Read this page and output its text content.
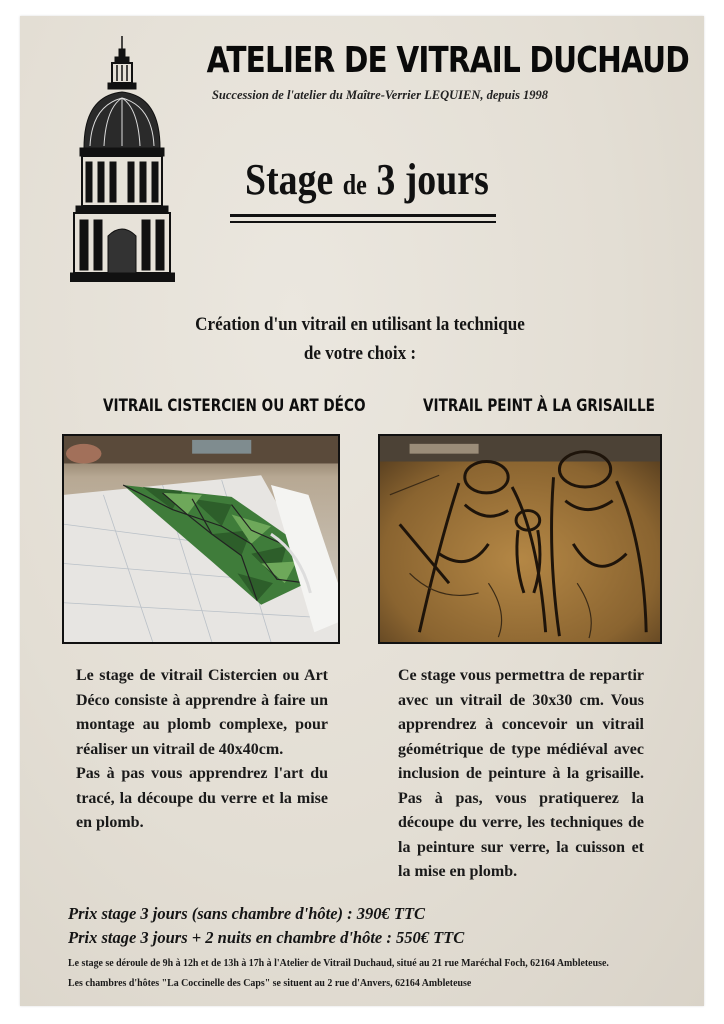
ATELIER DE VITRAIL DUCHAUD
Succession de l'atelier du Maître-Verrier LEQUIEN, depuis 1998
Stage de 3 jours
Création d'un vitrail en utilisant la technique
de votre choix :
VITRAIL CISTERCIEN OU ART DÉCO	VITRAIL PEINT À LA GRISAILLE

Le stage de vitrail Cistercien ou Art Déco consiste à apprendre à faire un montage au plomb complexe, pour réaliser un vitrail de 40x40cm.

Pas à pas vous apprendrez l'art du tracé, la découpe du verre et la mise en plomb.

Ce stage vous permettra de repartir avec un vitrail de 30x30 cm. Vous apprendrez à concevoir un vitrail géométrique de type médiéval avec inclusion de peinture à la grisaille. Pas à pas, vous pratiquerez la découpe du verre, les techniques de la peinture sur verre, la cuisson et la mise en plomb.

Prix stage 3 jours (sans chambre d'hôte) : 390€ TTC
Prix stage 3 jours + 2 nuits en chambre d'hôte : 550€ TTC
Le stage se déroule de 9h à 12h et de 13h à 17h à l'Atelier de Vitrail Duchaud, situé au 21 rue Maréchal Foch, 62164 Ambleteuse.
Les chambres d'hôtes "La Coccinelle des Caps" se situent au 2 rue d'Anvers, 62164 Ambleteuse
